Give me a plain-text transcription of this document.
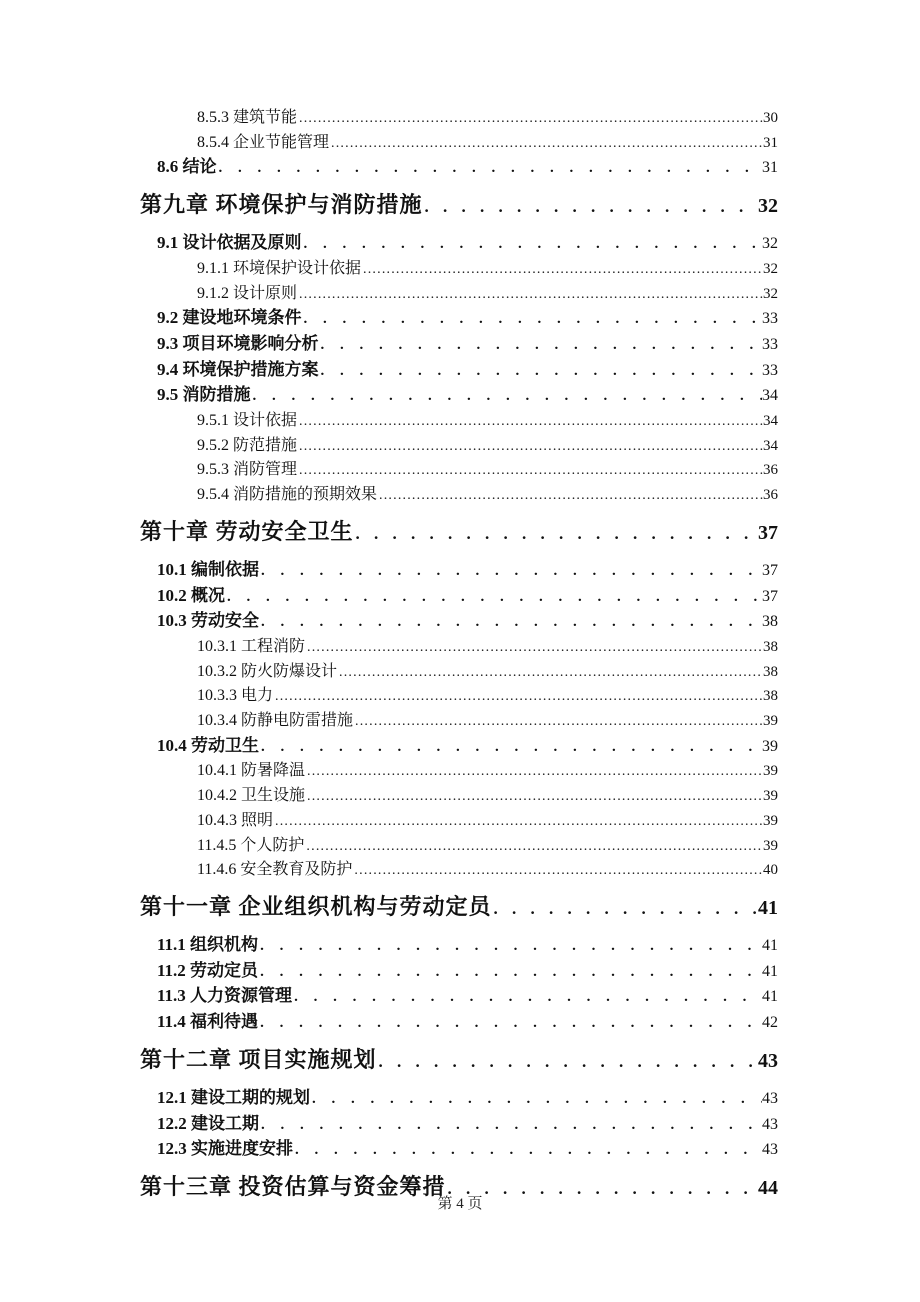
8.5.3 建筑节能 .....	30
8.5.4 企业节能管理 .....	31
8.6 结论 . . .	31
第九章 环境保护与消防措施 . . .	32
9.1 设计依据及原则 . . .	32
9.1.1 环境保护设计依据 .....	32
9.1.2 设计原则 .....	32
9.2 建设地环境条件 . . .	33
9.3 项目环境影响分析 . . .	33
9.4 环境保护措施方案 . . .	33
9.5 消防措施 . . .	34
9.5.1 设计依据 .....	34
9.5.2 防范措施 .....	34
9.5.3 消防管理 .....	36
9.5.4 消防措施的预期效果 .....	36
第十章 劳动安全卫生 . . .	37
10.1 编制依据 . . .	37
10.2 概况 . . .	37
10.3 劳动安全 . . .	38
10.3.1 工程消防 .....	38
10.3.2 防火防爆设计 .....	38
10.3.3 电力 .....	38
10.3.4 防静电防雷措施 .....	39
10.4 劳动卫生 . . .	39
10.4.1 防暑降温 .....	39
10.4.2 卫生设施 .....	39
10.4.3 照明 .....	39
11.4.5 个人防护 .....	39
11.4.6 安全教育及防护 .....	40
第十一章 企业组织机构与劳动定员 . . .	41
11.1 组织机构 . . .	41
11.2 劳动定员 . . .	41
11.3 人力资源管理 . . .	41
11.4 福利待遇 . . .	42
第十二章 项目实施规划 . . .	43
12.1 建设工期的规划 . . .	43
12.2 建设工期 . . .	43
12.3 实施进度安排 . . .	43
第十三章 投资估算与资金筹措 . . .	44
第 4 页
